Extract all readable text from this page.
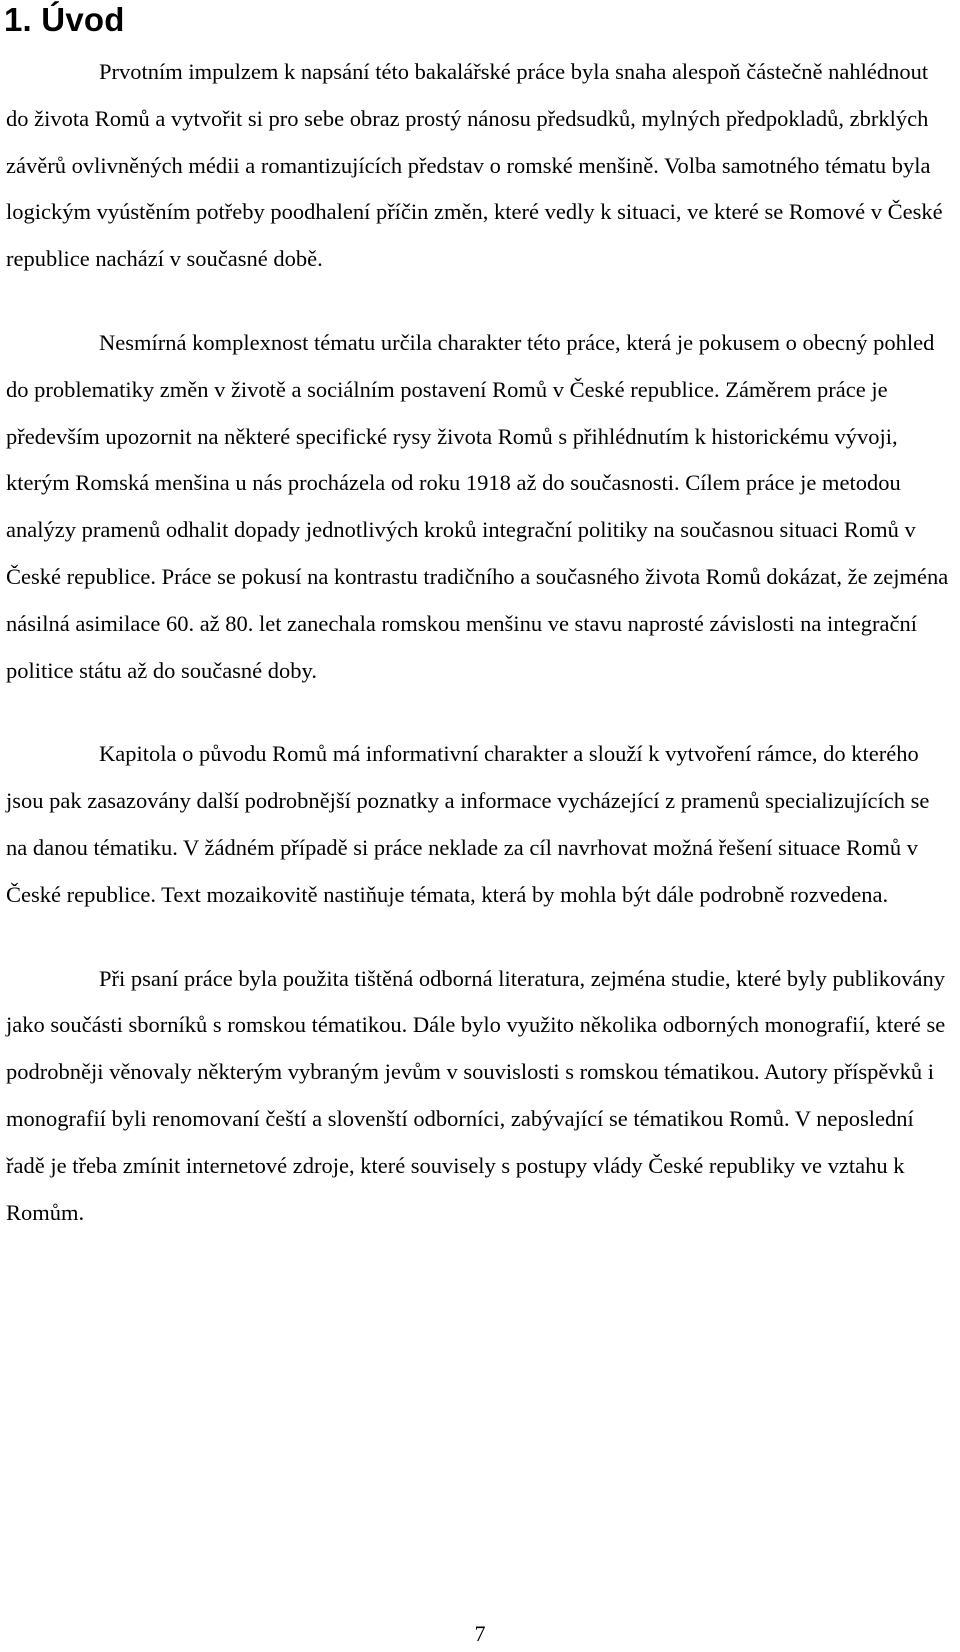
1. Úvod

Prvotním impulzem k napsání této bakalářské práce byla snaha alespoň částečně nahlédnout do života Romů a vytvořit si pro sebe obraz prostý nánosu předsudků, mylných předpokladů, zbrklých závěrů ovlivněných médii a romantizujících představ o romské menšině. Volba samotného tématu byla logickým vyústěním potřeby poodhalení příčin změn, které vedly k situaci, ve které se Romové v České republice nachází v současné době.

Nesmírná komplexnost tématu určila charakter této práce, která je pokusem o obecný pohled do problematiky změn v životě a sociálním postavení Romů v České republice. Záměrem práce je především upozornit na některé specifické rysy života Romů s přihlédnutím k historickému vývoji, kterým Romská menšina u nás procházela od roku 1918 až do současnosti. Cílem práce je metodou analýzy pramenů odhalit dopady jednotlivých kroků integrační politiky na současnou situaci Romů v České republice. Práce se pokusí na kontrastu tradičního a současného života Romů dokázat, že zejména násilná asimilace 60. až 80. let zanechala romskou menšinu ve stavu naprosté závislosti na integrační politice státu až do současné doby.

Kapitola o původu Romů má informativní charakter a slouží k vytvoření rámce, do kterého jsou pak zasazovány další podrobnější poznatky a informace vycházející z pramenů specializujících se na danou tématiku. V žádném případě si práce neklade za cíl navrhovat možná řešení situace Romů v České republice. Text mozaikovitě nastiňuje témata, která by mohla být dále podrobně rozvedena.

Při psaní práce byla použita tištěná odborná literatura, zejména studie, které byly publikovány jako součásti sborníků s romskou tématikou. Dále bylo využito několika odborných monografií, které se podrobněji věnovaly některým vybraným jevům v souvislosti s romskou tématikou. Autory příspěvků i monografií byli renomovaní čeští a slovenští odborníci, zabývající se tématikou Romů. V neposlední řadě je třeba zmínit internetové zdroje, které souvisely s postupy vlády České republiky ve vztahu k Romům.

7
